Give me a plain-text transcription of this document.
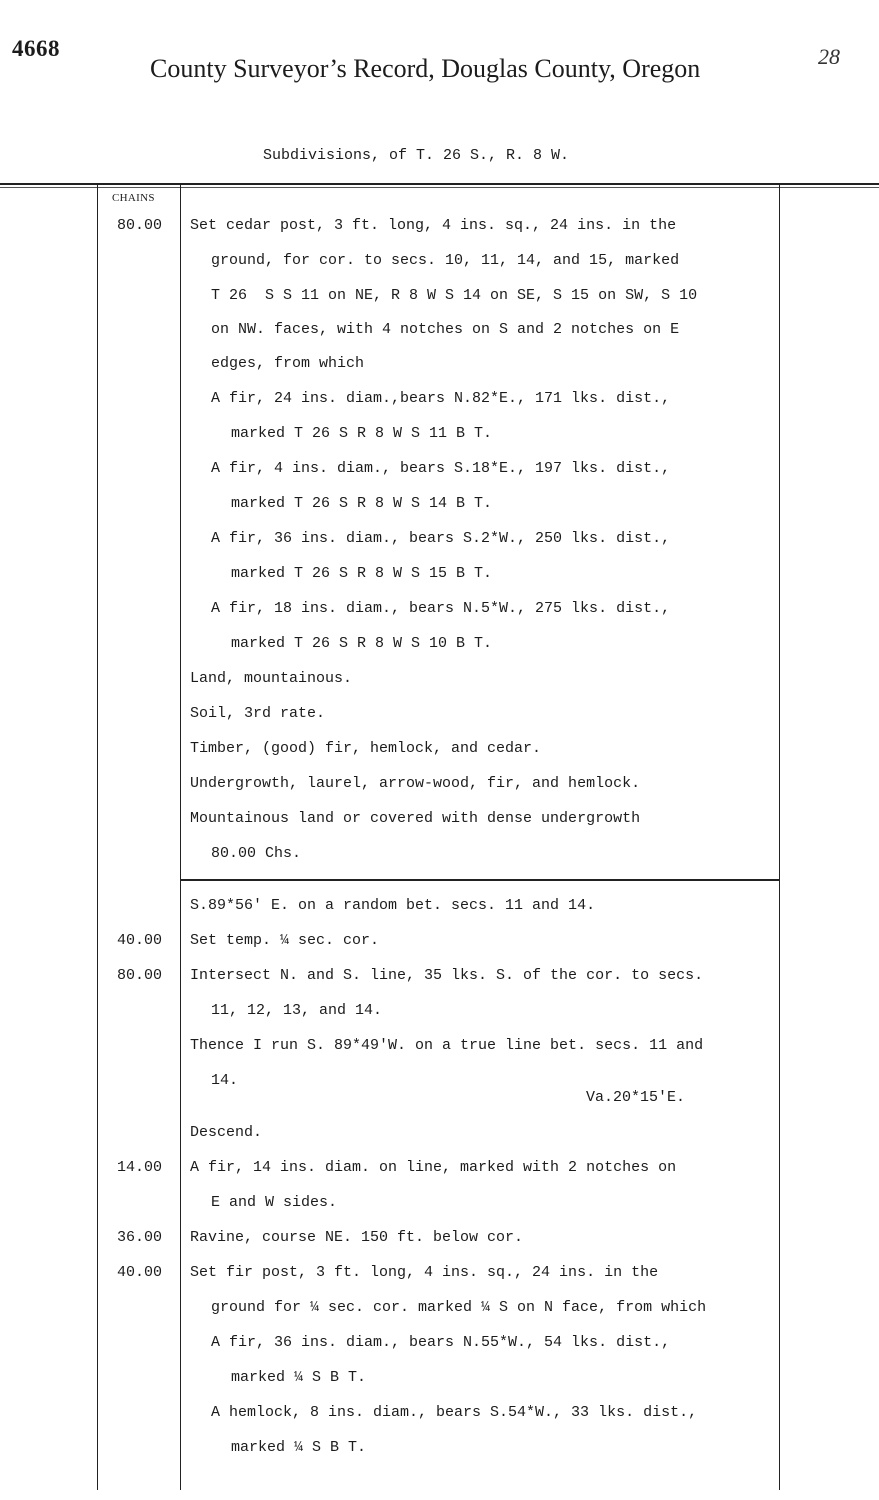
4668
County Surveyor’s Record, Douglas County, Oregon	28
Subdivisions, of T. 26 S., R. 8 W.
CHAINS
80.00 Set cedar post, 3 ft. long, 4 ins. sq., 24 ins. in the
ground, for cor. to secs. 10, 11, 14, and 15, marked
T 26  S S 11 on NE, R 8 W S 14 on SE, S 15 on SW, S 10
on NW. faces, with 4 notches on S and 2 notches on E
edges, from which
A fir, 24 ins. diam.,bears N.82*E., 171 lks. dist.,
marked T 26 S R 8 W S 11 B T.
A fir, 4 ins. diam., bears S.18*E., 197 lks. dist.,
marked T 26 S R 8 W S 14 B T.
A fir, 36 ins. diam., bears S.2*W., 250 lks. dist.,
marked T 26 S R 8 W S 15 B T.
A fir, 18 ins. diam., bears N.5*W., 275 lks. dist.,
marked T 26 S R 8 W S 10 B T.
Land, mountainous.
Soil, 3rd rate.
Timber, (good) fir, hemlock, and cedar.
Undergrowth, laurel, arrow-wood, fir, and hemlock.
Mountainous land or covered with dense undergrowth
80.00 Chs.
S.89*56' E. on a random bet. secs. 11 and 14.
40.00 Set temp. ¼ sec. cor.
80.00 Intersect N. and S. line, 35 lks. S. of the cor. to secs.
11, 12, 13, and 14.
Thence I run S. 89*49'W. on a true line bet. secs. 11 and
14.
Va.20*15'E.
Descend.
14.00 A fir, 14 ins. diam. on line, marked with 2 notches on
E and W sides.
36.00 Ravine, course NE. 150 ft. below cor.
40.00 Set fir post, 3 ft. long, 4 ins. sq., 24 ins. in the
ground for ¼ sec. cor. marked ¼ S on N face, from which
A fir, 36 ins. diam., bears N.55*W., 54 lks. dist.,
marked ¼ S B T.
A hemlock, 8 ins. diam., bears S.54*W., 33 lks. dist.,
marked ¼ S B T.
